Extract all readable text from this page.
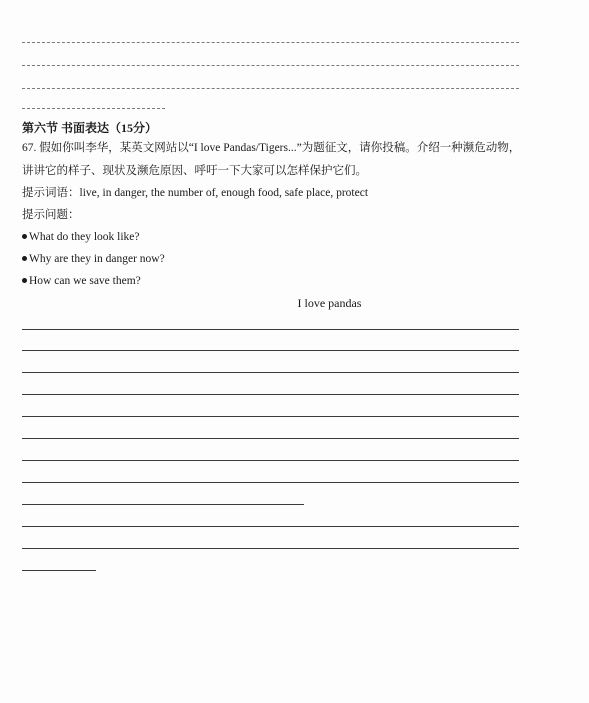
第六节 书面表达（15分）
67. 假如你叫李华，某英文网站以“I love Pandas/Tigers...”为题征文，请你投稿。介绍一种濒危动物，
讲讲它的样子、现状及濒危原因、呼吁一下大家可以怎样保护它们。
提示词语：live, in danger, the number of, enough food, safe place, protect
提示问题：
What do they look like?
Why are they in danger now?
How can we save them?
I love pandas
